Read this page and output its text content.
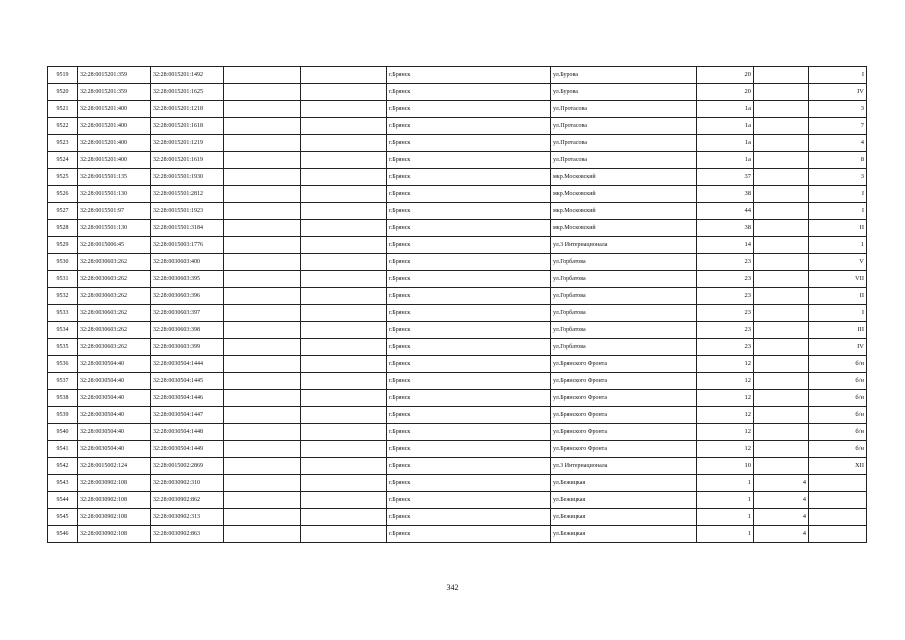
9519	32:28:0015201:359	32:28:0015201:1492			г.Брянск	ул.Бурова	20		I
9520	32:28:0015201:359	32:28:0015201:1625			г.Брянск	ул.Бурова	20		IV
9521	32:28:0015201:400	32:28:0015201:1218			г.Брянск	ул.Протасова	1а		3
9522	32:28:0015201:400	32:28:0015201:1618			г.Брянск	ул.Протасова	1а		7
9523	32:28:0015201:400	32:28:0015201:1219			г.Брянск	ул.Протасова	1а		4
9524	32:28:0015201:400	32:28:0015201:1619			г.Брянск	ул.Протасова	1а		8
9525	32:28:0015501:135	32:28:0015501:1930			г.Брянск	мкр.Московский	37		3
9526	32:28:0015501:130	32:28:0015501:2812			г.Брянск	мкр.Московский	38		I
9527	32:28:0015501:97	32:28:0015501:1923			г.Брянск	мкр.Московский	44		I
9528	32:28:0015501:130	32:28:0015501:3184			г.Брянск	мкр.Московский	38		II
9529	32:28:0015006:45	32:28:0015003:1776			г.Брянск	ул.3 Интернационала	14		1
9530	32:28:0030603:262	32:28:0030603:400			г.Брянск	ул.Горбатова	23		V
9531	32:28:0030603:262	32:28:0030603:395			г.Брянск	ул.Горбатова	23		VII
9532	32:28:0030603:262	32:28:0030603:396			г.Брянск	ул.Горбатова	23		II
9533	32:28:0030603:262	32:28:0030603:397			г.Брянск	ул.Горбатова	23		I
9534	32:28:0030603:262	32:28:0030603:398			г.Брянск	ул.Горбатова	23		III
9535	32:28:0030603:262	32:28:0030603:399			г.Брянск	ул.Горбатова	23		IV
9536	32:28:0030504:40	32:28:0030504:1444			г.Брянск	ул.Брянского Фронта	12		б/н
9537	32:28:0030504:40	32:28:0030504:1445			г.Брянск	ул.Брянского Фронта	12		б/н
9538	32:28:0030504:40	32:28:0030504:1446			г.Брянск	ул.Брянского Фронта	12		б/н
9539	32:28:0030504:40	32:28:0030504:1447			г.Брянск	ул.Брянского Фронта	12		б/н
9540	32:28:0030504:40	32:28:0030504:1448			г.Брянск	ул.Брянского Фронта	12		б/н
9541	32:28:0030504:40	32:28:0030504:1449			г.Брянск	ул.Брянского Фронта	12		б/н
9542	32:28:0015002:124	32:28:0015002:2869			г.Брянск	ул.3 Интернационала	10		XII
9543	32:28:0030902:108	32:28:0030902:310			г.Брянск	ул.Бежицкая	1	4	
9544	32:28:0030902:108	32:28:0030902:862			г.Брянск	ул.Бежицкая	1	4	
9545	32:28:0030902:108	32:28:0030902:313			г.Брянск	ул.Бежицкая	1	4	
9546	32:28:0030902:108	32:28:0030902:863			г.Брянск	ул.Бежицкая	1	4	
342
